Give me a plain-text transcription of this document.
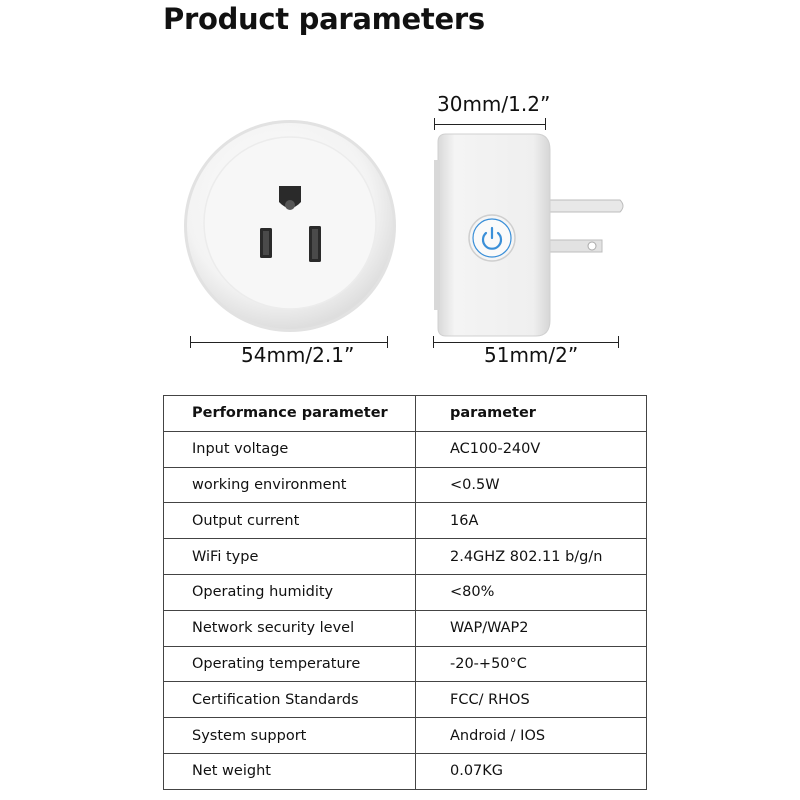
Product parameters
30mm/1.2”
54mm/2.1”	51mm/2”
Performance parameter	parameter
Input voltage	AC100-240V
working environment	<0.5W
Output current	16A
WiFi type	2.4GHZ 802.11 b/g/n
Operating humidity	<80%
Network security level	WAP/WAP2
Operating temperature	-20-+50°C
Certification Standards	FCC/ RHOS
System support	Android / IOS
Net weight	0.07KG
